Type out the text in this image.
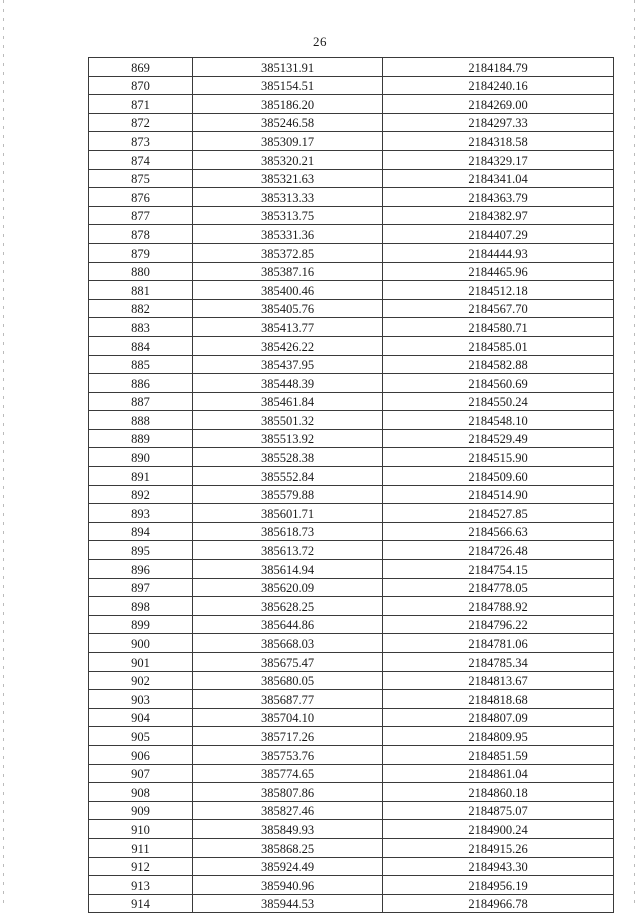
26
869	385131.91	2184184.79
870	385154.51	2184240.16
871	385186.20	2184269.00
872	385246.58	2184297.33
873	385309.17	2184318.58
874	385320.21	2184329.17
875	385321.63	2184341.04
876	385313.33	2184363.79
877	385313.75	2184382.97
878	385331.36	2184407.29
879	385372.85	2184444.93
880	385387.16	2184465.96
881	385400.46	2184512.18
882	385405.76	2184567.70
883	385413.77	2184580.71
884	385426.22	2184585.01
885	385437.95	2184582.88
886	385448.39	2184560.69
887	385461.84	2184550.24
888	385501.32	2184548.10
889	385513.92	2184529.49
890	385528.38	2184515.90
891	385552.84	2184509.60
892	385579.88	2184514.90
893	385601.71	2184527.85
894	385618.73	2184566.63
895	385613.72	2184726.48
896	385614.94	2184754.15
897	385620.09	2184778.05
898	385628.25	2184788.92
899	385644.86	2184796.22
900	385668.03	2184781.06
901	385675.47	2184785.34
902	385680.05	2184813.67
903	385687.77	2184818.68
904	385704.10	2184807.09
905	385717.26	2184809.95
906	385753.76	2184851.59
907	385774.65	2184861.04
908	385807.86	2184860.18
909	385827.46	2184875.07
910	385849.93	2184900.24
911	385868.25	2184915.26
912	385924.49	2184943.30
913	385940.96	2184956.19
914	385944.53	2184966.78
